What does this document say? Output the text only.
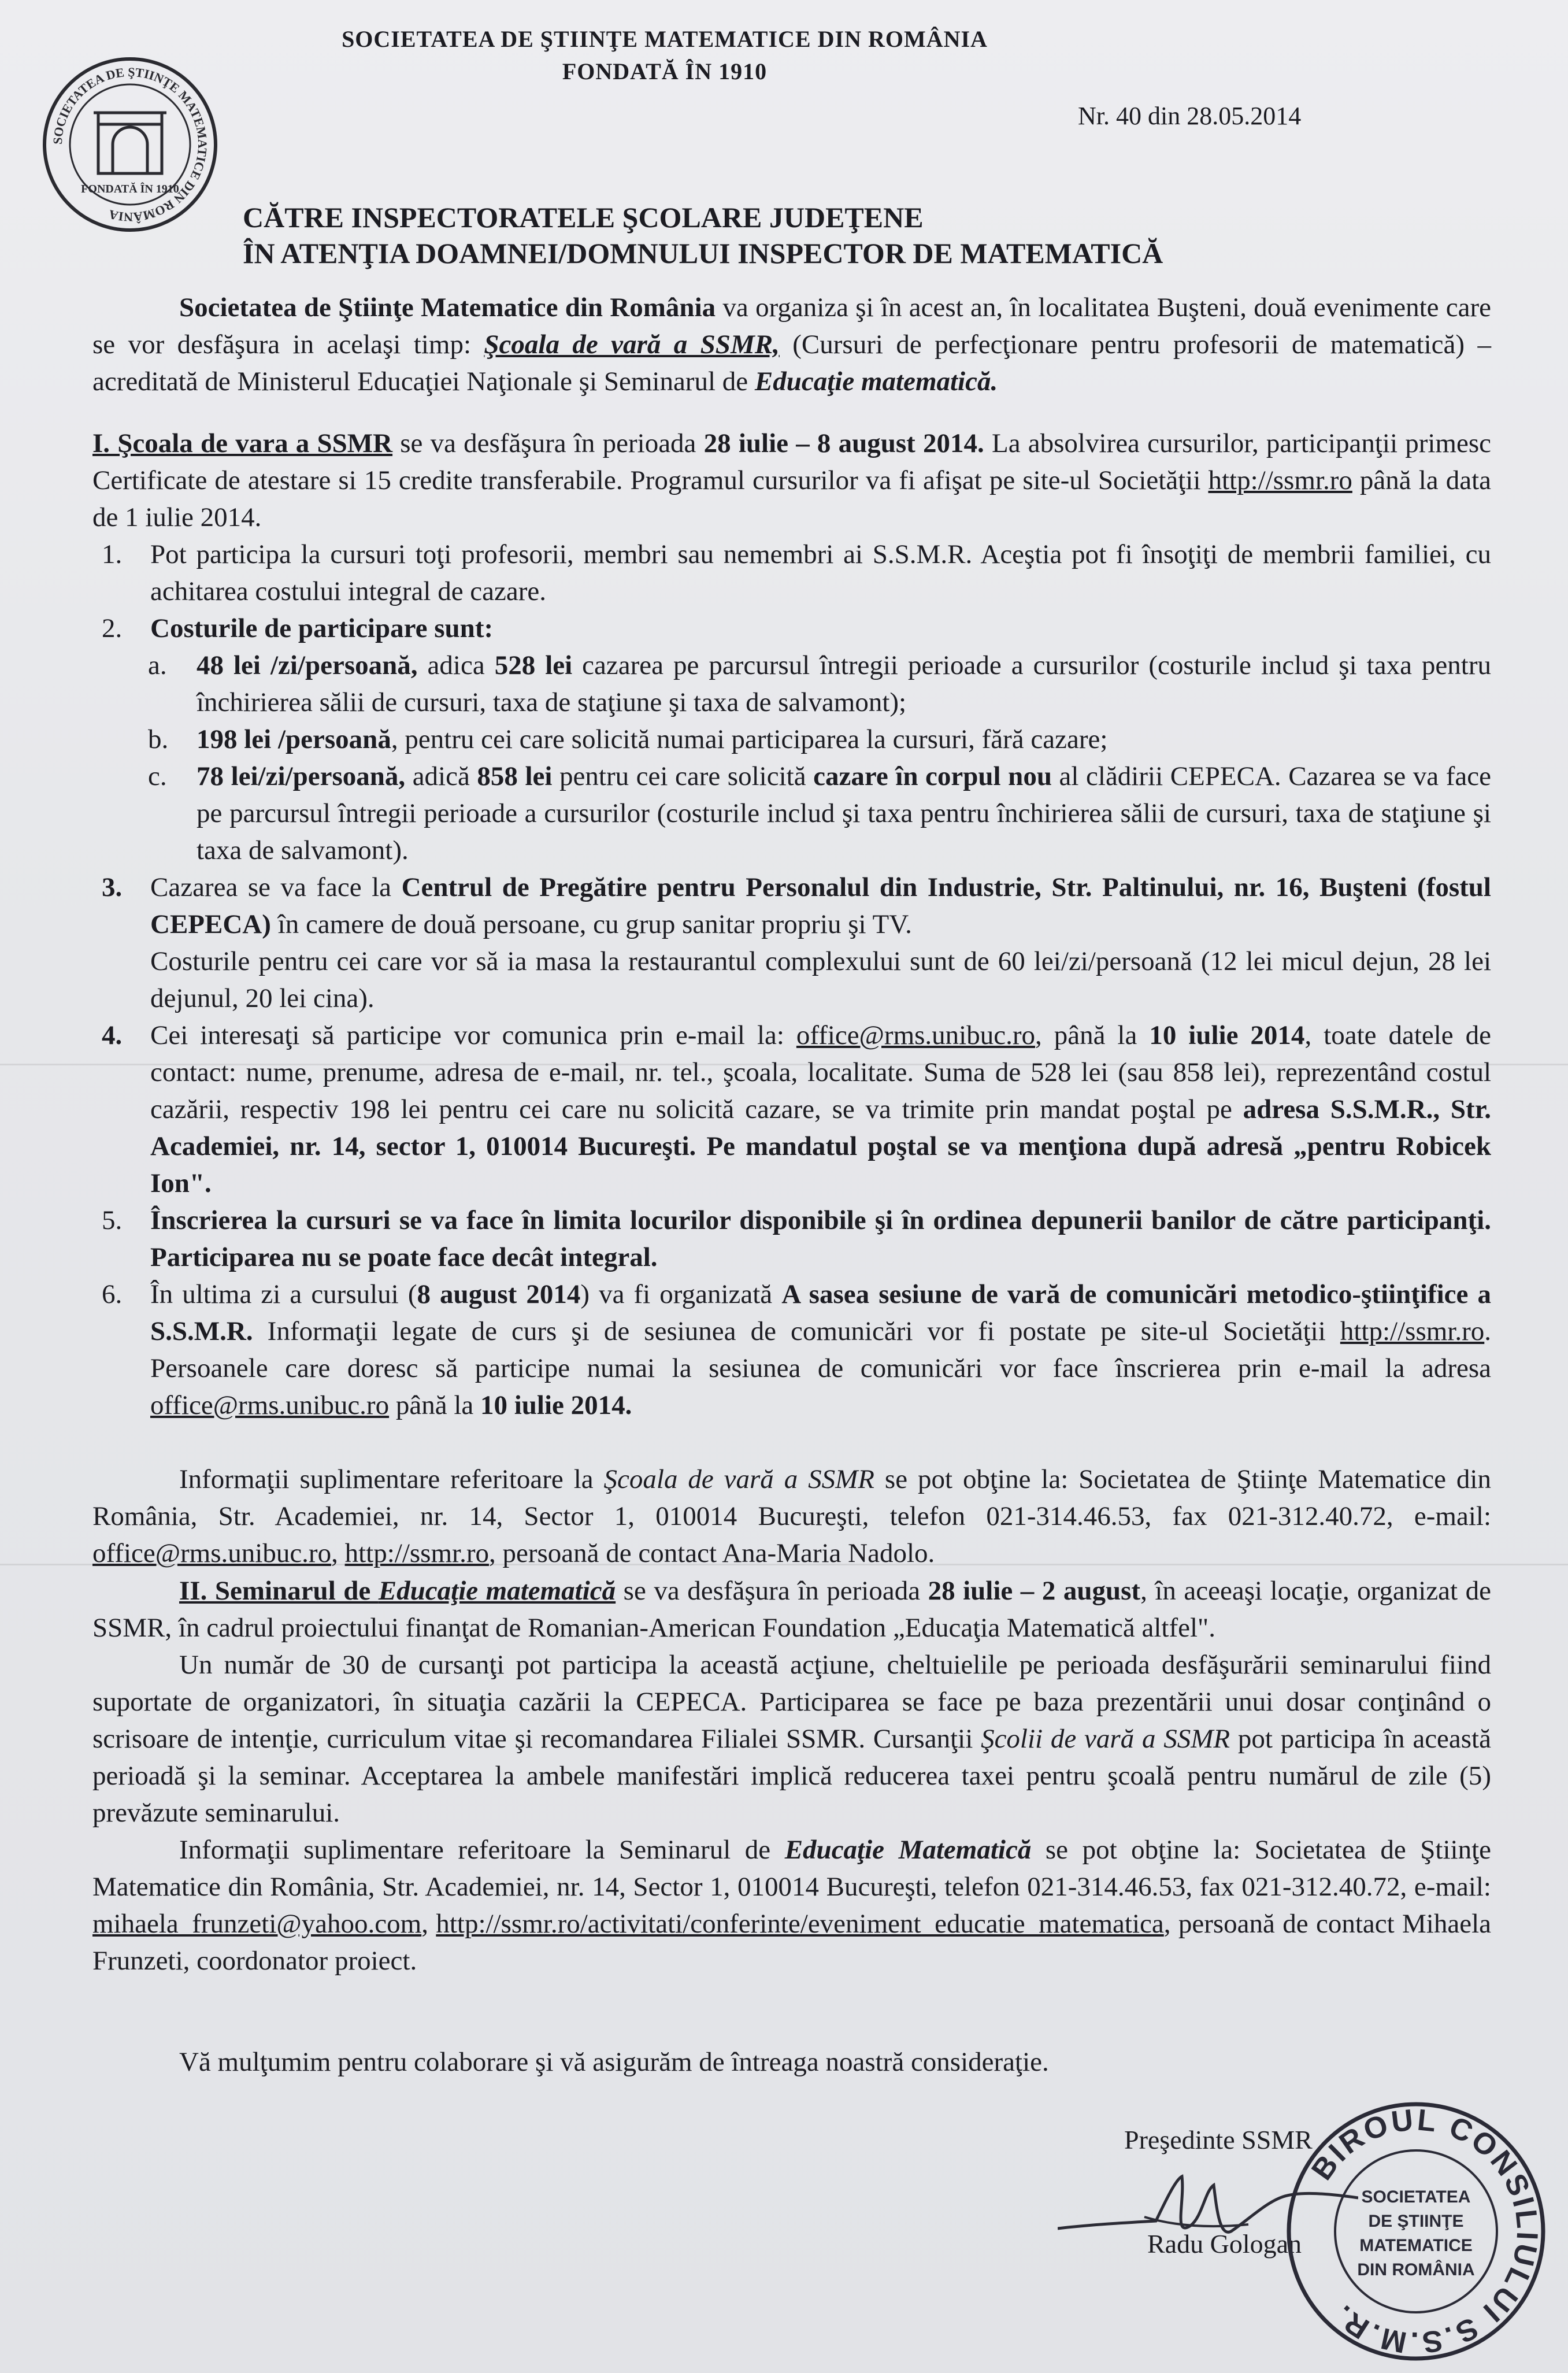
SOCIETATEA DE ŞTIINŢE MATEMATICE DIN ROMÂNIA
FONDATĂ ÎN 1910
SOCIETATEA DE ŞTIINŢE MATEMATICE DIN ROMÂNIA
FONDATĂ ÎN 1910
Nr. 40 din 28.05.2014
CĂTRE INSPECTORATELE ŞCOLARE JUDEŢENE
ÎN ATENŢIA DOAMNEI/DOMNULUI INSPECTOR DE MATEMATICĂ

Societatea de Ştiinţe Matematice din România va organiza şi în acest an, în localitatea Buşteni, două evenimente care se vor desfăşura in acelaşi timp: Şcoala de vară a SSMR, (Cursuri de perfecţionare pentru profesorii de matematică) – acreditată de Ministerul Educaţiei Naţionale şi Seminarul de Educaţie matematică.

I. Şcoala de vara a SSMR se va desfăşura în perioada 28 iulie – 8 august 2014. La absolvirea cursurilor, participanţii primesc Certificate de atestare si 15 credite transferabile. Programul cursurilor va fi afişat pe site-ul Societăţii http://ssmr.ro până la data de 1 iulie 2014.

1. Pot participa la cursuri toţi profesorii, membri sau nemembri ai S.S.M.R. Aceştia pot fi însoţiţi de membrii familiei, cu achitarea costului integral de cazare.
2. Costurile de participare sunt:
a. 48 lei /zi/persoană, adica 528 lei cazarea pe parcursul întregii perioade a cursurilor (costurile includ şi taxa pentru închirierea sălii de cursuri, taxa de staţiune şi taxa de salvamont);
b. 198 lei /persoană, pentru cei care solicită numai participarea la cursuri, fără cazare;
c. 78 lei/zi/persoană, adică 858 lei pentru cei care solicită cazare în corpul nou al clădirii CEPECA. Cazarea se va face pe parcursul întregii perioade a cursurilor (costurile includ şi taxa pentru închirierea sălii de cursuri, taxa de staţiune şi taxa de salvamont).
3. Cazarea se va face la Centrul de Pregătire pentru Personalul din Industrie, Str. Paltinului, nr. 16, Buşteni (fostul CEPECA) în camere de două persoane, cu grup sanitar propriu şi TV.
Costurile pentru cei care vor să ia masa la restaurantul complexului sunt de 60 lei/zi/persoană (12 lei micul dejun, 28 lei dejunul, 20 lei cina).
4. Cei interesaţi să participe vor comunica prin e-mail la: office@rms.unibuc.ro, până la 10 iulie 2014, toate datele de contact: nume, prenume, adresa de e-mail, nr. tel., şcoala, localitate. Suma de 528 lei (sau 858 lei), reprezentând costul cazării, respectiv 198 lei pentru cei care nu solicită cazare, se va trimite prin mandat poştal pe adresa S.S.M.R., Str. Academiei, nr. 14, sector 1, 010014 Bucureşti. Pe mandatul poştal se va menţiona după adresă „pentru Robicek Ion".
5. Înscrierea la cursuri se va face în limita locurilor disponibile şi în ordinea depunerii banilor de către participanţi. Participarea nu se poate face decât integral.
6. În ultima zi a cursului (8 august 2014) va fi organizată A sasea sesiune de vară de comunicări metodico-ştiinţifice a S.S.M.R. Informaţii legate de curs şi de sesiunea de comunicări vor fi postate pe site-ul Societăţii http://ssmr.ro. Persoanele care doresc să participe numai la sesiunea de comunicări vor face înscrierea prin e-mail la adresa office@rms.unibuc.ro până la 10 iulie 2014.

Informaţii suplimentare referitoare la Şcoala de vară a SSMR se pot obţine la: Societatea de Ştiinţe Matematice din România, Str. Academiei, nr. 14, Sector 1, 010014 Bucureşti, telefon 021-314.46.53, fax 021-312.40.72, e-mail: office@rms.unibuc.ro, http://ssmr.ro, persoană de contact Ana-Maria Nadolo.

II. Seminarul de Educaţie matematică se va desfăşura în perioada 28 iulie – 2 august, în aceeaşi locaţie, organizat de SSMR, în cadrul proiectului finanţat de Romanian-American Foundation „Educaţia Matematică altfel".

Un număr de 30 de cursanţi pot participa la această acţiune, cheltuielile pe perioada desfăşurării seminarului fiind suportate de organizatori, în situaţia cazării la CEPECA. Participarea se face pe baza prezentării unui dosar conţinând o scrisoare de intenţie, curriculum vitae şi recomandarea Filialei SSMR. Cursanţii Şcolii de vară a SSMR pot participa în această perioadă şi la seminar. Acceptarea la ambele manifestări implică reducerea taxei pentru şcoală pentru numărul de zile (5) prevăzute seminarului.

Informaţii suplimentare referitoare la Seminarul de Educaţie Matematică se pot obţine la: Societatea de Ştiinţe Matematice din România, Str. Academiei, nr. 14, Sector 1, 010014 Bucureşti, telefon 021-314.46.53, fax 021-312.40.72, e-mail: mihaela_frunzeti@yahoo.com, http://ssmr.ro/activitati/conferinte/eveniment_educatie_matematica, persoană de contact Mihaela Frunzeti, coordonator proiect.

Vă mulţumim pentru colaborare şi vă asigurăm de întreaga noastră consideraţie.

Preşedinte SSMR
Radu Gologan
BIROUL CONSILIULUI S.S.M.R.
SOCIETATEA
DE ŞTIINŢE
MATEMATICE
DIN ROMÂNIA
